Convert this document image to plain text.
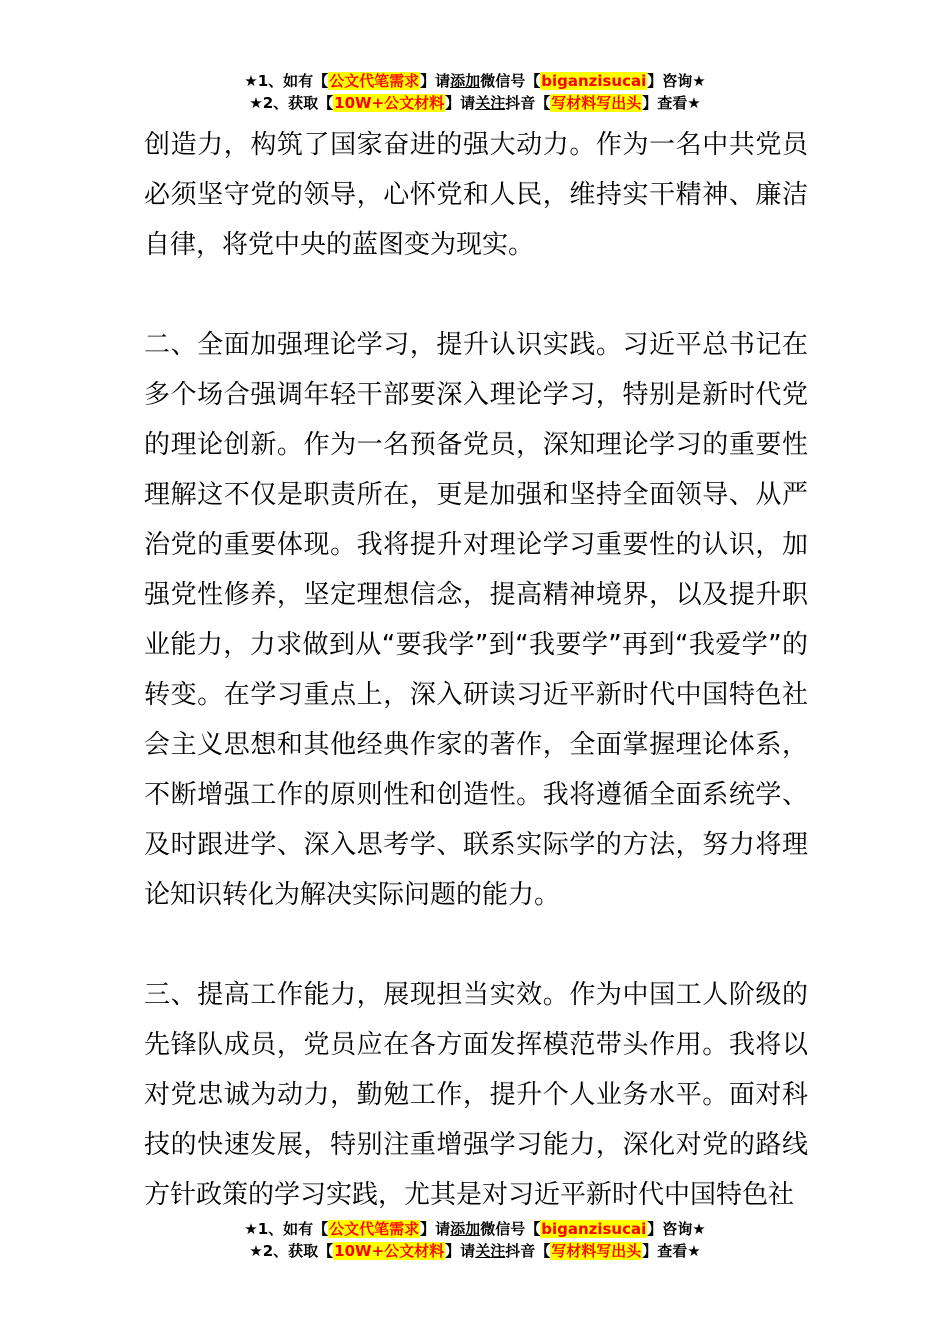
★1、如有【公文代笔需求】请添加微信号【biganzisucai】咨询★
★2、获取【10W+公文材料】请关注抖音【写材料写出头】查看★

创造力，构筑了国家奋进的强大动力。作为一名中共党员必须坚守党的领导，心怀党和人民，维持实干精神、廉洁自律，将党中央的蓝图变为现实。

二、全面加强理论学习，提升认识实践。习近平总书记在多个场合强调年轻干部要深入理论学习，特别是新时代党的理论创新。作为一名预备党员，深知理论学习的重要性理解这不仅是职责所在，更是加强和坚持全面领导、从严治党的重要体现。我将提升对理论学习重要性的认识，加强党性修养，坚定理想信念，提高精神境界，以及提升职业能力，力求做到从“要我学”到“我要学”再到“我爱学”的转变。在学习重点上，深入研读习近平新时代中国特色社会主义思想和其他经典作家的著作，全面掌握理论体系，不断增强工作的原则性和创造性。我将遵循全面系统学、及时跟进学、深入思考学、联系实际学的方法，努力将理论知识转化为解决实际问题的能力。

三、提高工作能力，展现担当实效。作为中国工人阶级的先锋队成员，党员应在各方面发挥模范带头作用。我将以对党忠诚为动力，勤勉工作，提升个人业务水平。面对科技的快速发展，特别注重增强学习能力，深化对党的路线方针政策的学习实践，尤其是对习近平新时代中国特色社

★1、如有【公文代笔需求】请添加微信号【biganzisucai】咨询★
★2、获取【10W+公文材料】请关注抖音【写材料写出头】查看★
